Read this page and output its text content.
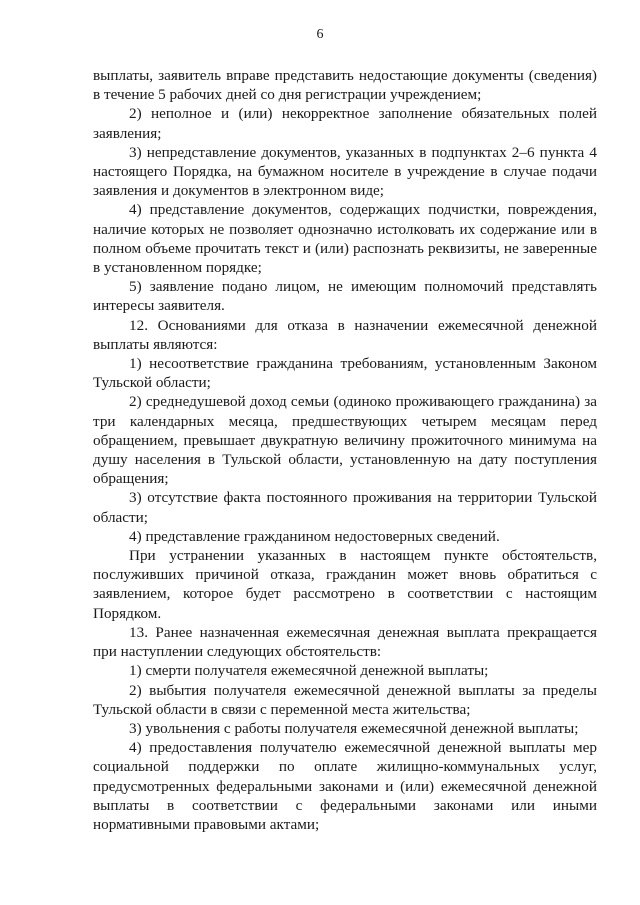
6

выплаты, заявитель вправе представить недостающие документы (сведения) в течение 5 рабочих дней со дня регистрации учреждением;

2) неполное и (или) некорректное заполнение обязательных полей заявления;

3) непредставление документов, указанных в подпунктах 2–6 пункта 4 настоящего Порядка, на бумажном носителе в учреждение в случае подачи заявления и документов в электронном виде;

4) представление документов, содержащих подчистки, повреждения, наличие которых не позволяет однозначно истолковать их содержание или в полном объеме прочитать текст и (или) распознать реквизиты, не заверенные в установленном порядке;

5) заявление подано лицом, не имеющим полномочий представлять интересы заявителя.

12. Основаниями для отказа в назначении ежемесячной денежной выплаты являются:

1) несоответствие гражданина требованиям, установленным Законом Тульской области;

2) среднедушевой доход семьи (одиноко проживающего гражданина) за три календарных месяца, предшествующих четырем месяцам перед обращением, превышает двукратную величину прожиточного минимума на душу населения в Тульской области, установленную на дату поступления обращения;

3) отсутствие факта постоянного проживания на территории Тульской области;

4) представление гражданином недостоверных сведений.

При устранении указанных в настоящем пункте обстоятельств, послуживших причиной отказа, гражданин может вновь обратиться с заявлением, которое будет рассмотрено в соответствии с настоящим Порядком.

13. Ранее назначенная ежемесячная денежная выплата прекращается при наступлении следующих обстоятельств:

1) смерти получателя ежемесячной денежной выплаты;

2) выбытия получателя ежемесячной денежной выплаты за пределы Тульской области в связи с переменной места жительства;

3) увольнения с работы получателя ежемесячной денежной выплаты;

4) предоставления получателю ежемесячной денежной выплаты мер социальной поддержки по оплате жилищно-коммунальных услуг, предусмотренных федеральными законами и (или) ежемесячной денежной выплаты в соответствии с федеральными законами или иными нормативными правовыми актами;
